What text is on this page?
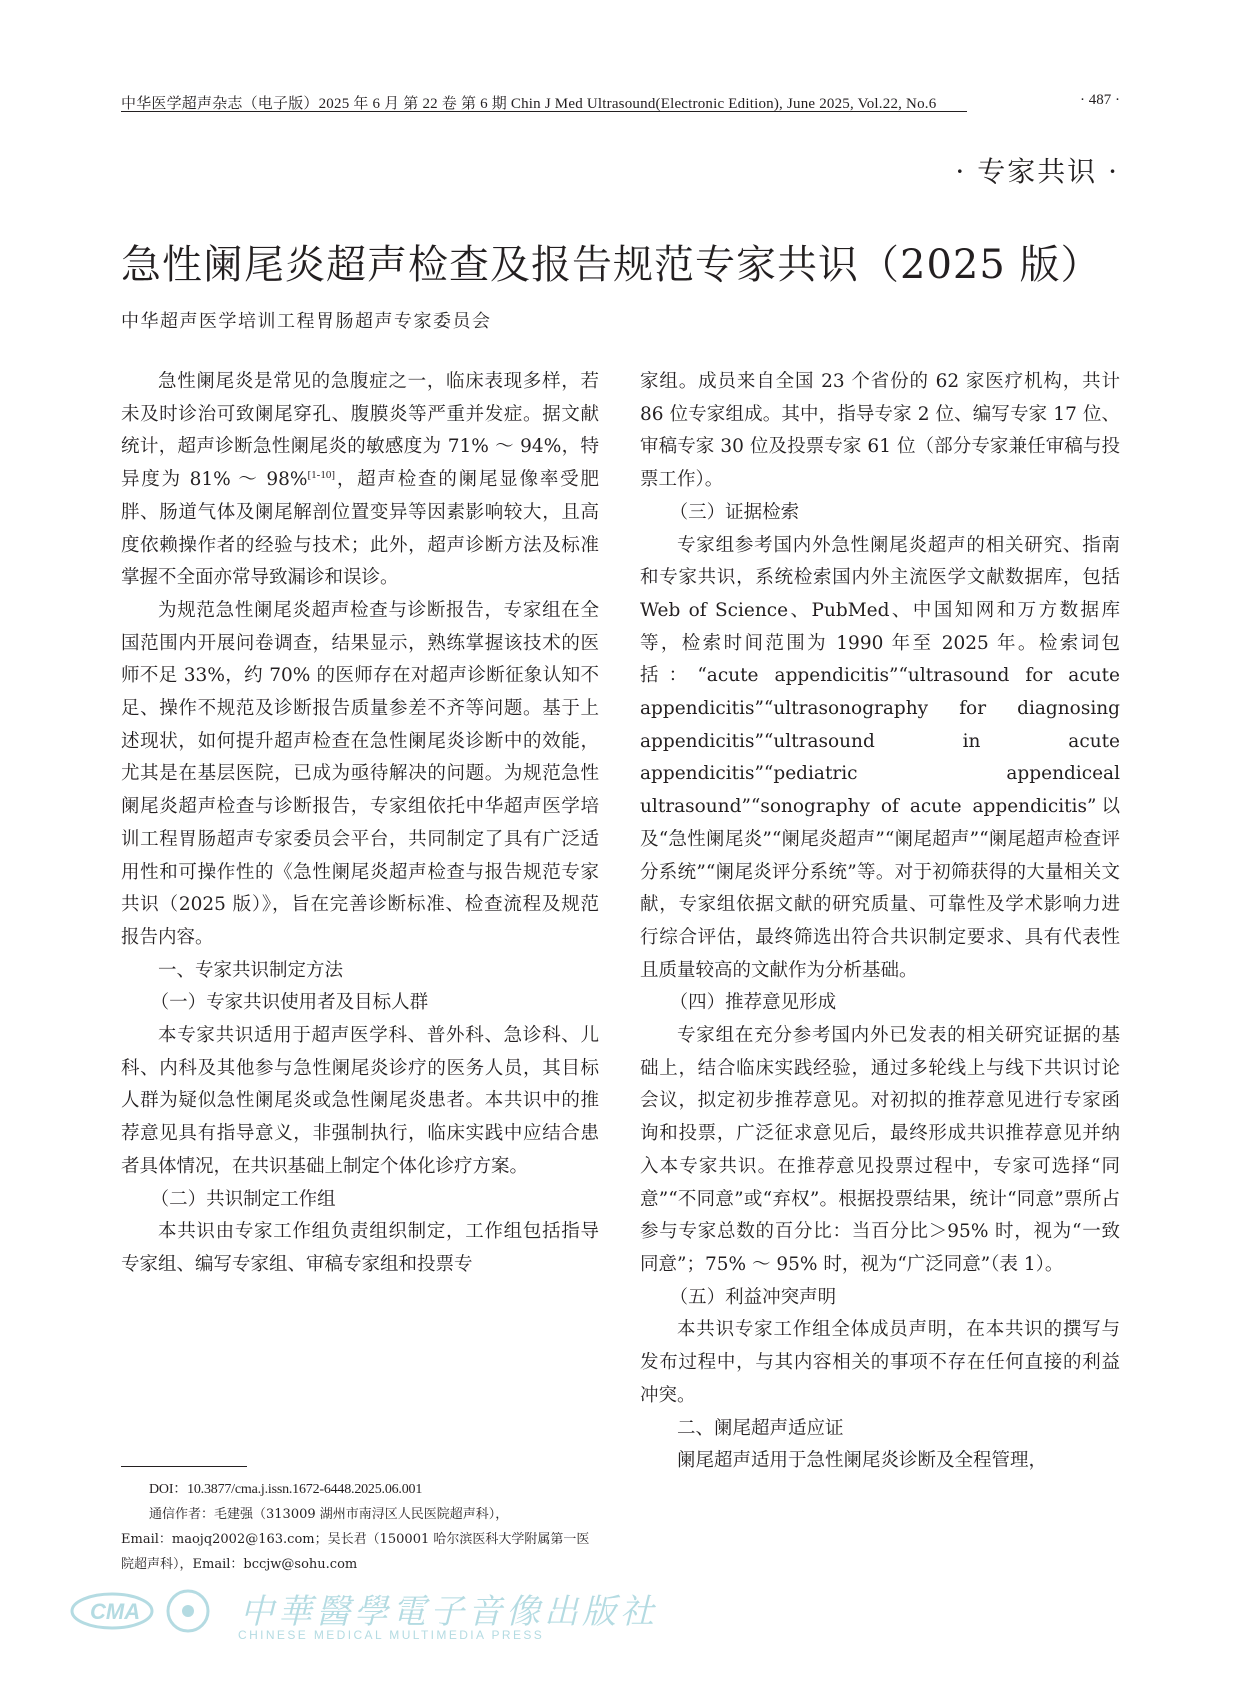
中华医学超声杂志（电子版）2025 年 6 月 第 22 卷 第 6 期 Chin J Med Ultrasound(Electronic Edition), June 2025, Vol.22, No.6	· 487 ·
· 专家共识 ·
急性阑尾炎超声检查及报告规范专家共识（2025 版）
中华超声医学培训工程胃肠超声专家委员会

急性阑尾炎是常见的急腹症之一，临床表现多样，若未及时诊治可致阑尾穿孔、腹膜炎等严重并发症。据文献统计，超声诊断急性阑尾炎的敏感度为 71% ～ 94%，特异度为 81% ～ 98%[1-10]，超声检查的阑尾显像率受肥胖、肠道气体及阑尾解剖位置变异等因素影响较大，且高度依赖操作者的经验与技术；此外，超声诊断方法及标准掌握不全面亦常导致漏诊和误诊。

为规范急性阑尾炎超声检查与诊断报告，专家组在全国范围内开展问卷调查，结果显示，熟练掌握该技术的医师不足 33%，约 70% 的医师存在对超声诊断征象认知不足、操作不规范及诊断报告质量参差不齐等问题。基于上述现状，如何提升超声检查在急性阑尾炎诊断中的效能，尤其是在基层医院，已成为亟待解决的问题。为规范急性阑尾炎超声检查与诊断报告，专家组依托中华超声医学培训工程胃肠超声专家委员会平台，共同制定了具有广泛适用性和可操作性的《急性阑尾炎超声检查与报告规范专家共识（2025 版）》，旨在完善诊断标准、检查流程及规范报告内容。

一、专家共识制定方法

（一）专家共识使用者及目标人群

本专家共识适用于超声医学科、普外科、急诊科、儿科、内科及其他参与急性阑尾炎诊疗的医务人员，其目标人群为疑似急性阑尾炎或急性阑尾炎患者。本共识中的推荐意见具有指导意义，非强制执行，临床实践中应结合患者具体情况，在共识基础上制定个体化诊疗方案。

（二）共识制定工作组

本共识由专家工作组负责组织制定，工作组包括指导专家组、编写专家组、审稿专家组和投票专

家组。成员来自全国 23 个省份的 62 家医疗机构，共计 86 位专家组成。其中，指导专家 2 位、编写专家 17 位、审稿专家 30 位及投票专家 61 位（部分专家兼任审稿与投票工作）。

（三）证据检索

专家组参考国内外急性阑尾炎超声的相关研究、指南和专家共识，系统检索国内外主流医学文献数据库，包括 Web of Science、PubMed、中国知网和万方数据库等，检索时间范围为 1990 年至 2025 年。检索词包括：“acute appendicitis”“ultrasound for acute appendicitis”“ultrasonography for diagnosing appendicitis”“ultrasound in acute appendicitis”“pediatric appendiceal ultrasound”“sonography of acute appendicitis”以及“急性阑尾炎”“阑尾炎超声”“阑尾超声”“阑尾超声检查评分系统”“阑尾炎评分系统”等。对于初筛获得的大量相关文献，专家组依据文献的研究质量、可靠性及学术影响力进行综合评估，最终筛选出符合共识制定要求、具有代表性且质量较高的文献作为分析基础。

（四）推荐意见形成

专家组在充分参考国内外已发表的相关研究证据的基础上，结合临床实践经验，通过多轮线上与线下共识讨论会议，拟定初步推荐意见。对初拟的推荐意见进行专家函询和投票，广泛征求意见后，最终形成共识推荐意见并纳入本专家共识。在推荐意见投票过程中，专家可选择“同意”“不同意”或“弃权”。根据投票结果，统计“同意”票所占参与专家总数的百分比：当百分比＞95% 时，视为“一致同意”；75% ～ 95% 时，视为“广泛同意”（表 1）。

（五）利益冲突声明

本共识专家工作组全体成员声明，在本共识的撰写与发布过程中，与其内容相关的事项不存在任何直接的利益冲突。

二、阑尾超声适应证

阑尾超声适用于急性阑尾炎诊断及全程管理，

DOI：10.3877/cma.j.issn.1672-6448.2025.06.001
通信作者：毛建强（313009 湖州市南浔区人民医院超声科），
Email：maojq2002@163.com；吴长君（150001 哈尔滨医科大学附属第一医院超声科），Email：bccjw@sohu.com
CMA	中華醫學電子音像出版社
CHINESE MEDICAL MULTIMEDIA PRESS
